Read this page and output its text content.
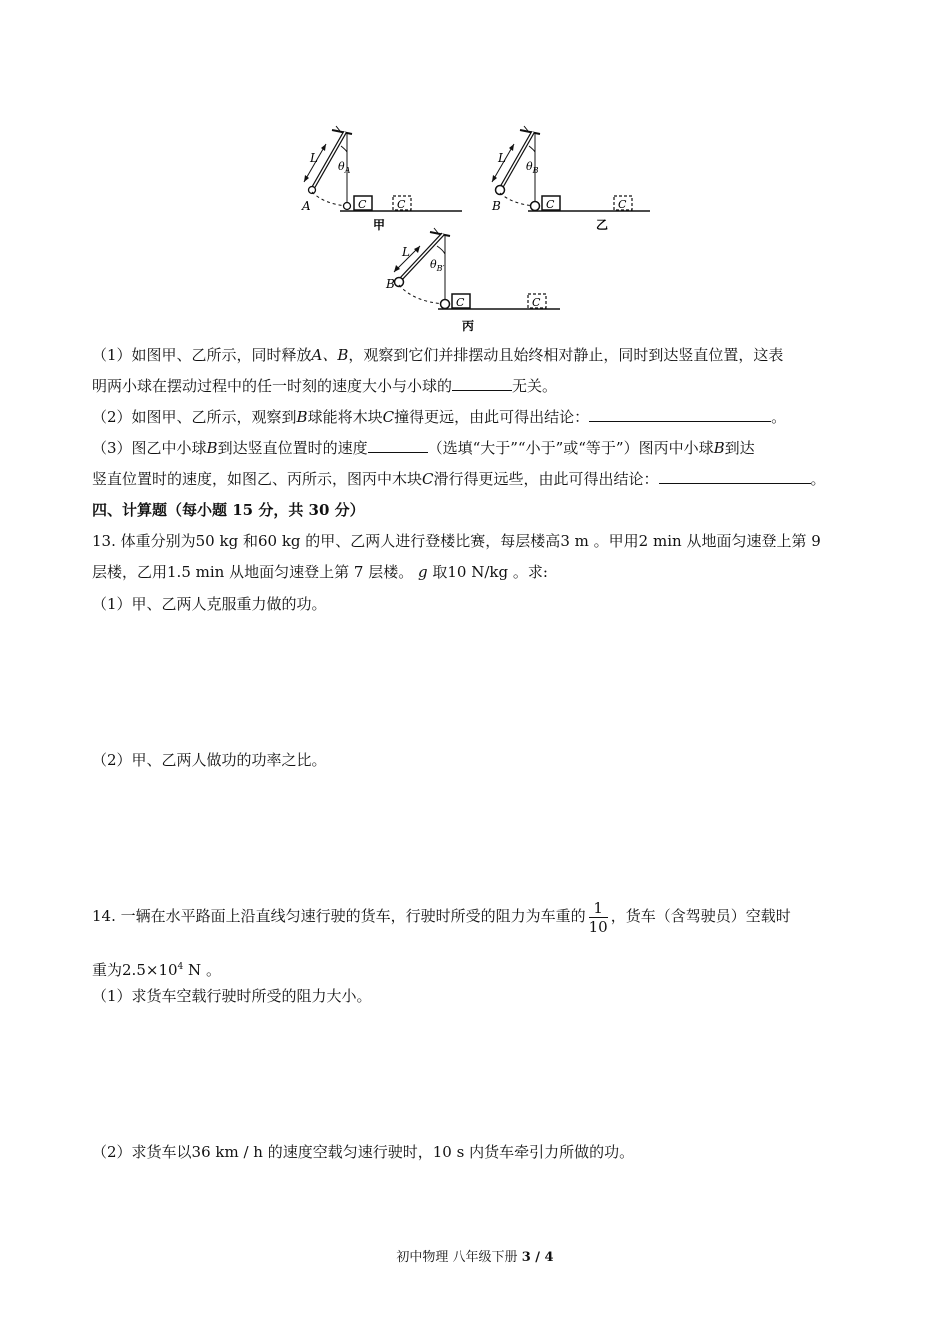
L
$\theta_A$
A	C	C
甲
L
$\theta_B$
B	C	C
乙
L
$\theta_{B'}$
B
C	C
丙
（1）如图甲、乙所示，同时释放A、B，观察到它们并排摆动且始终相对静止，同时到达竖直位置，这表
明两小球在摆动过程中的任一时刻的速度大小与小球的	无关。
（2）如图甲、乙所示，观察到B球能将木块C撞得更远，由此可得出结论：	。
（3）图乙中小球B到达竖直位置时的速度	（选填“大于”“小于”或“等于”）图丙中小球B到达
竖直位置时的速度，如图乙、丙所示，图丙中木块C滑行得更远些，由此可得出结论：	。
四、计算题（每小题 15 分，共 30 分）
13. 体重分别为50 kg 和60 kg 的甲、乙两人进行登楼比赛，每层楼高3 m 。甲用2 min 从地面匀速登上第 9
层楼，乙用1.5 min 从地面匀速登上第 7 层楼。 g 取10 N/kg 。求:
（1）甲、乙两人克服重力做的功。
（2）甲、乙两人做功的功率之比。
14. 一辆在水平路面上沿直线匀速行驶的货车，行驶时所受的阻力为车重的 $\frac{1}{10}$ ，货车（含驾驶员）空载时
重为$2.5\times 10^4$ N 。
（1）求货车空载行驶时所受的阻力大小。
（2）求货车以36 km / h 的速度空载匀速行驶时，10 s 内货车牵引力所做的功。
初中物理 八年级下册 3 / 4
